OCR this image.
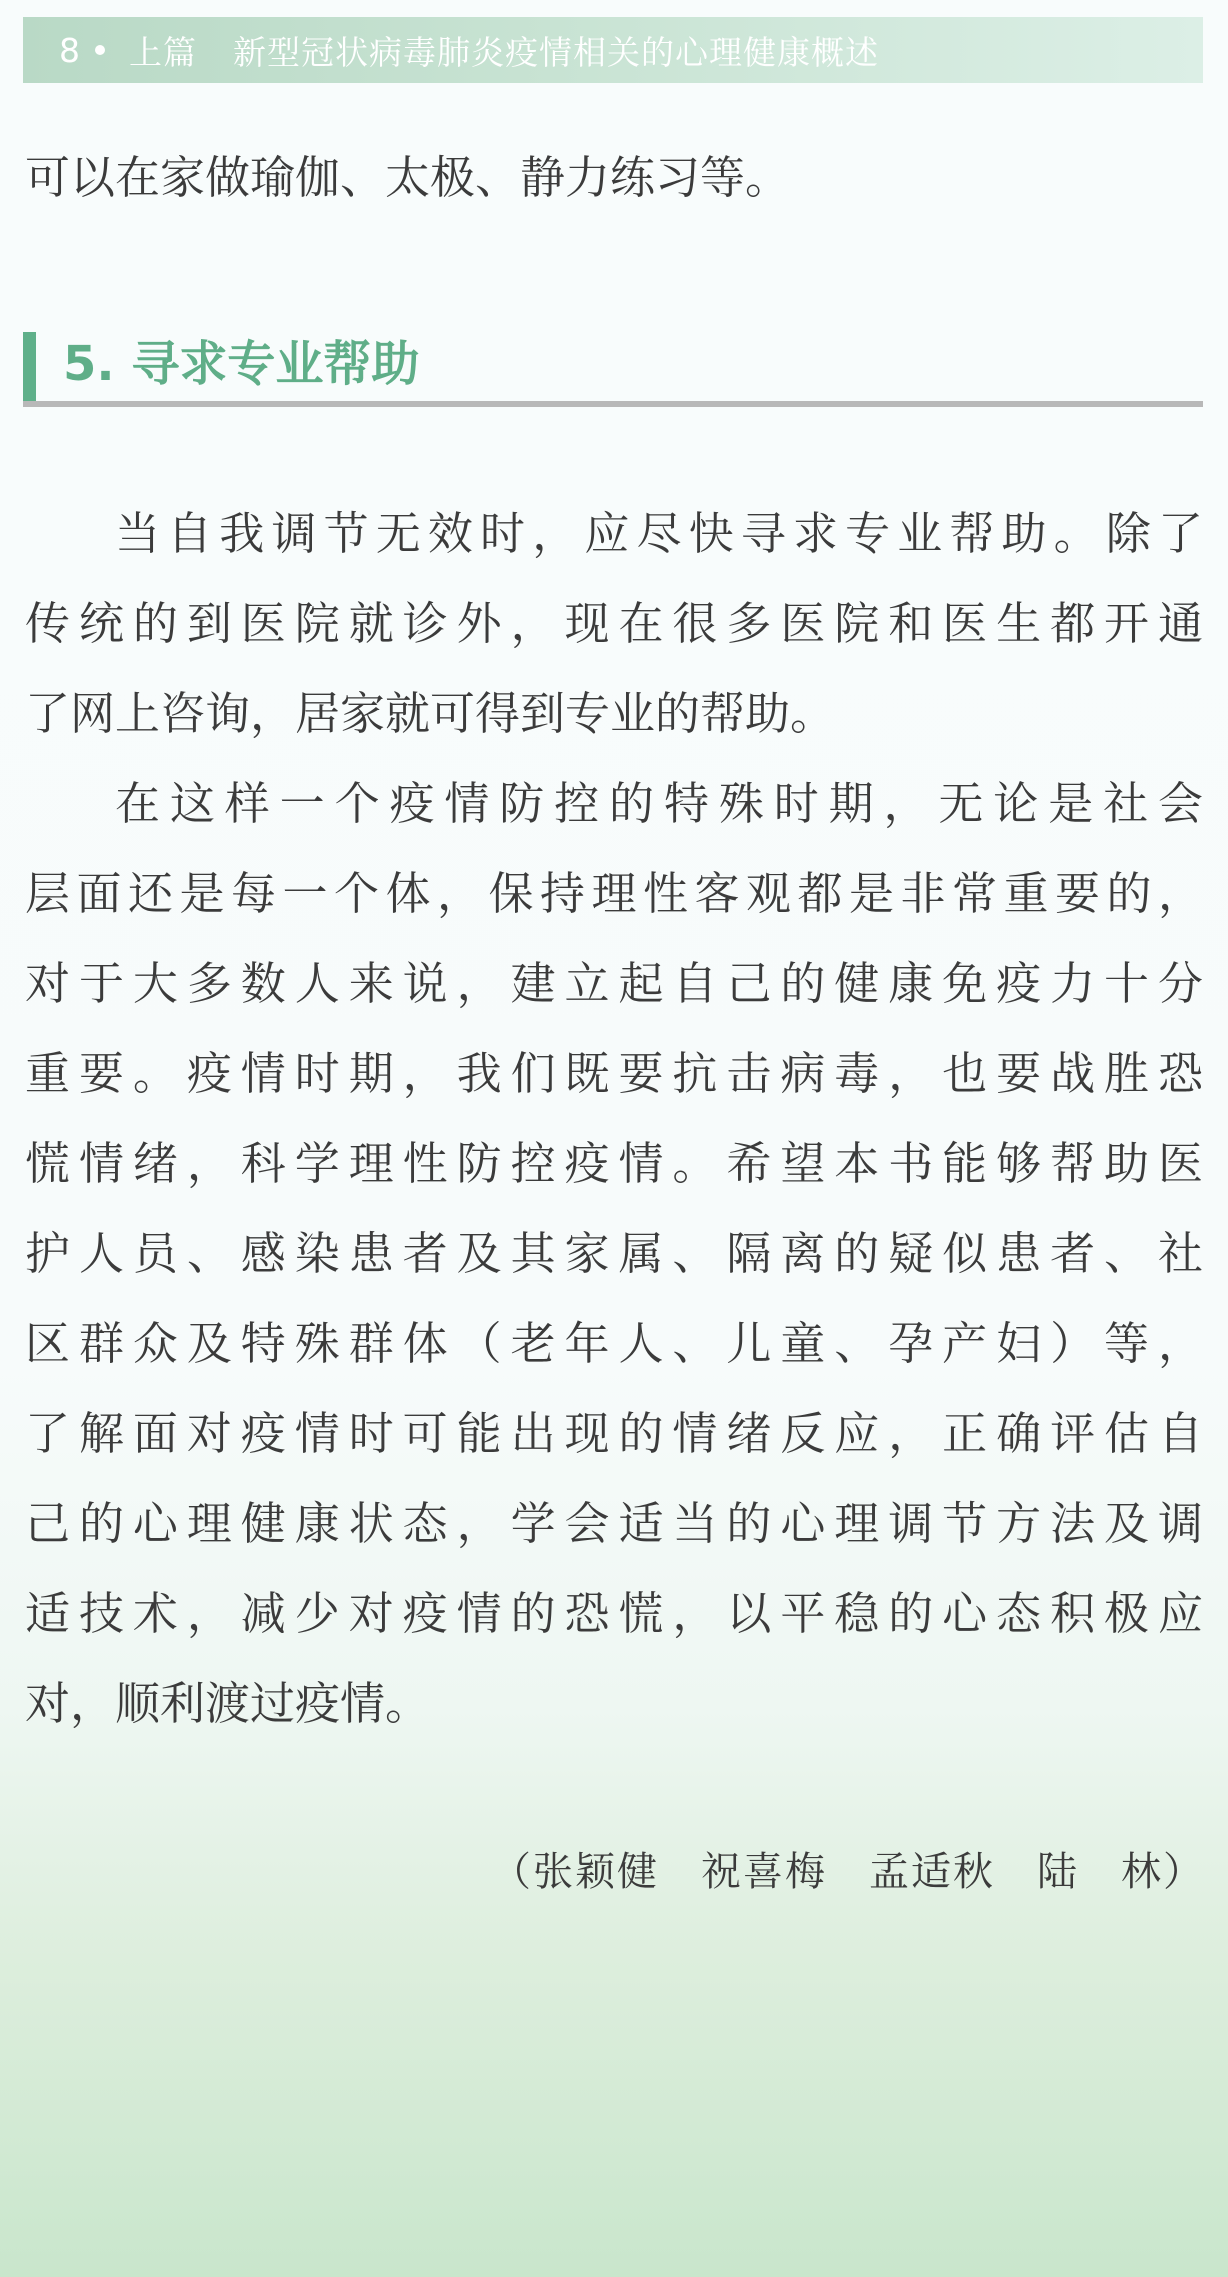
8 上篇 新型冠状病毒肺炎疫情相关的心理健康概述
可以在家做瑜伽、太极、静力练习等。
5. 寻求专业帮助
当自我调节无效时，应尽快寻求专业帮助。除了
传统的到医院就诊外，现在很多医院和医生都开通
了网上咨询，居家就可得到专业的帮助。
在这样一个疫情防控的特殊时期，无论是社会
层面还是每一个体，保持理性客观都是非常重要的，
对于大多数人来说，建立起自己的健康免疫力十分
重要。疫情时期，我们既要抗击病毒，也要战胜恐
慌情绪，科学理性防控疫情。希望本书能够帮助医
护人员、感染患者及其家属、隔离的疑似患者、社
区群众及特殊群体（老年人、儿童、孕产妇）等，
了解面对疫情时可能出现的情绪反应，正确评估自
己的心理健康状态，学会适当的心理调节方法及调
适技术，减少对疫情的恐慌，以平稳的心态积极应
对，顺利渡过疫情。
（张颖健　祝喜梅　孟适秋　陆　林）
